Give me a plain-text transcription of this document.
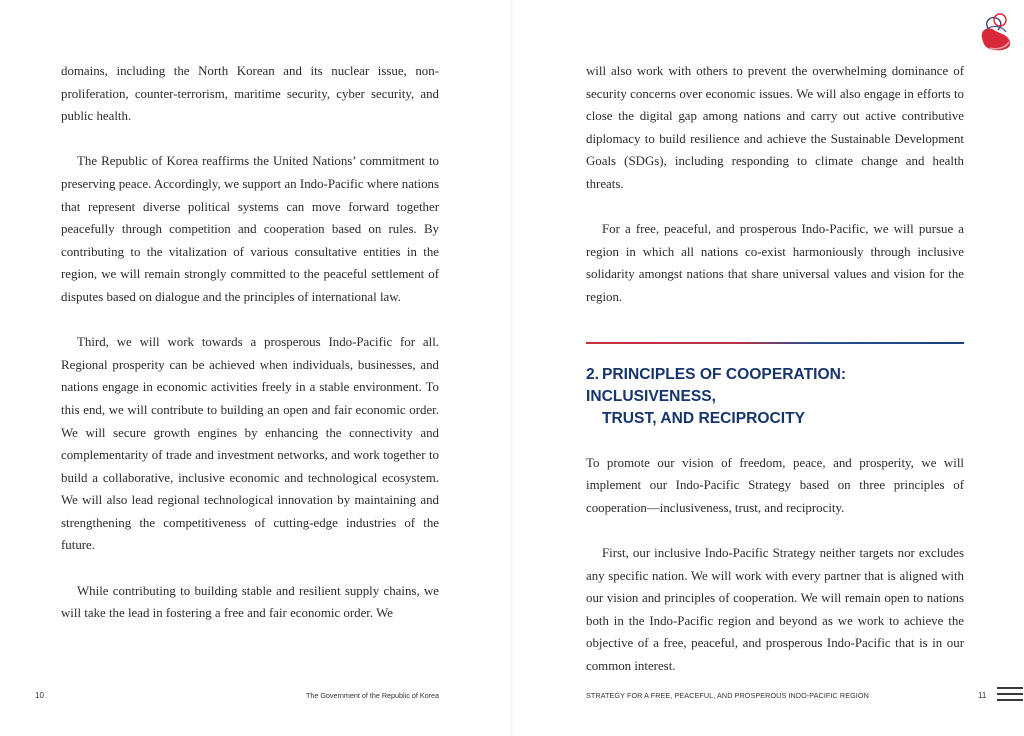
domains, including the North Korean and its nuclear issue, non-proliferation, counter-terrorism, maritime security, cyber security, and public health.

The Republic of Korea reaffirms the United Nations’ commitment to preserving peace. Accordingly, we support an Indo-Pacific where nations that represent diverse political systems can move forward together peacefully through competition and cooperation based on rules. By contributing to the vitalization of various consultative entities in the region, we will remain strongly committed to the peaceful settlement of disputes based on dialogue and the principles of international law.

Third, we will work towards a prosperous Indo-Pacific for all. Regional prosperity can be achieved when individuals, businesses, and nations engage in economic activities freely in a stable environment. To this end, we will contribute to building an open and fair economic order. We will secure growth engines by enhancing the connectivity and complementarity of trade and investment networks, and work together to build a collaborative, inclusive economic and technological ecosystem. We will also lead regional technological innovation by maintaining and strengthening the competitiveness of cutting-edge industries of the future.

While contributing to building stable and resilient supply chains, we will take the lead in fostering a free and fair economic order. We

10	The Government of the Republic of Korea

will also work with others to prevent the overwhelming dominance of security concerns over economic issues. We will also engage in efforts to close the digital gap among nations and carry out active contributive diplomacy to build resilience and achieve the Sustainable Development Goals (SDGs), including responding to climate change and health threats.

For a free, peaceful, and prosperous Indo-Pacific, we will pursue a region in which all nations co-exist harmoniously through inclusive solidarity amongst nations that share universal values and vision for the region.

2. PRINCIPLES OF COOPERATION: INCLUSIVENESS,
TRUST, AND RECIPROCITY

To promote our vision of freedom, peace, and prosperity, we will implement our Indo-Pacific Strategy based on three principles of cooperation—inclusiveness, trust, and reciprocity.

First, our inclusive Indo-Pacific Strategy neither targets nor excludes any specific nation. We will work with every partner that is aligned with our vision and principles of cooperation. We will remain open to nations both in the Indo-Pacific region and beyond as we work to achieve the objective of a free, peaceful, and prosperous Indo-Pacific that is in our common interest.

STRATEGY FOR A FREE, PEACEFUL, AND PROSPEROUS INDO-PACIFIC REGION	11
